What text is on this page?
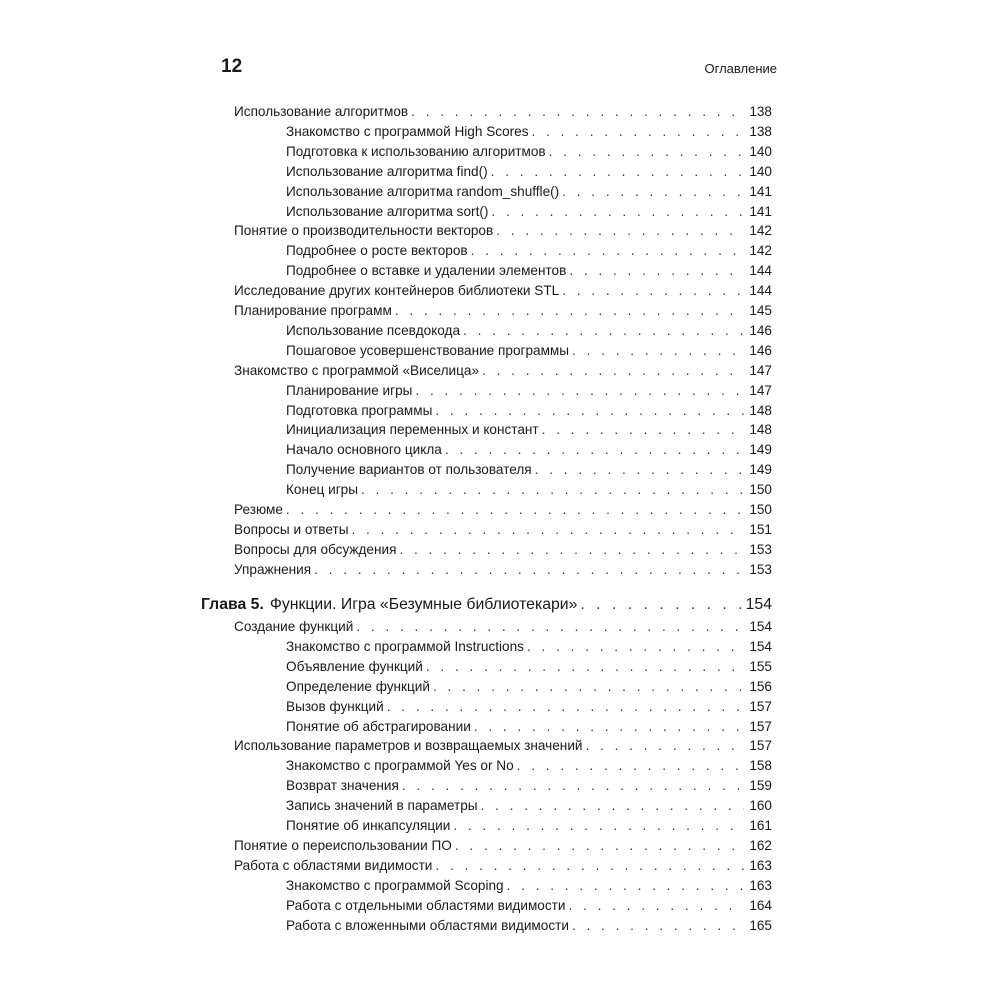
12	Оглавление
Использование алгоритмов . . .	138
Знакомство с программой High Scores . . .	138
Подготовка к использованию алгоритмов . . .	140
Использование алгоритма find() . . .	140
Использование алгоритма random_shuffle() . . .	141
Использование алгоритма sort() . . .	141
Понятие о производительности векторов . . .	142
Подробнее о росте векторов . . .	142
Подробнее о вставке и удалении элементов . . .	144
Исследование других контейнеров библиотеки STL . . .	144
Планирование программ . . .	145
Использование псевдокода . . .	146
Пошаговое усовершенствование программы . . .	146
Знакомство с программой «Виселица» . . .	147
Планирование игры . . .	147
Подготовка программы . . .	148
Инициализация переменных и констант . . .	148
Начало основного цикла . . .	149
Получение вариантов от пользователя . . .	149
Конец игры . . .	150
Резюме . . .	150
Вопросы и ответы . . .	151
Вопросы для обсуждения . . .	153
Упражнения . . .	153
Глава 5. Функции. Игра «Безумные библиотекари» . . .	154
Создание функций . . .	154
Знакомство с программой Instructions . . .	154
Объявление функций . . .	155
Определение функций . . .	156
Вызов функций . . .	157
Понятие об абстрагировании . . .	157
Использование параметров и возвращаемых значений . . .	157
Знакомство с программой Yes or No . . .	158
Возврат значения . . .	159
Запись значений в параметры . . .	160
Понятие об инкапсуляции . . .	161
Понятие о переиспользовании ПО . . .	162
Работа с областями видимости . . .	163
Знакомство с программой Scoping . . .	163
Работа с отдельными областями видимости . . .	164
Работа с вложенными областями видимости . . .	165
